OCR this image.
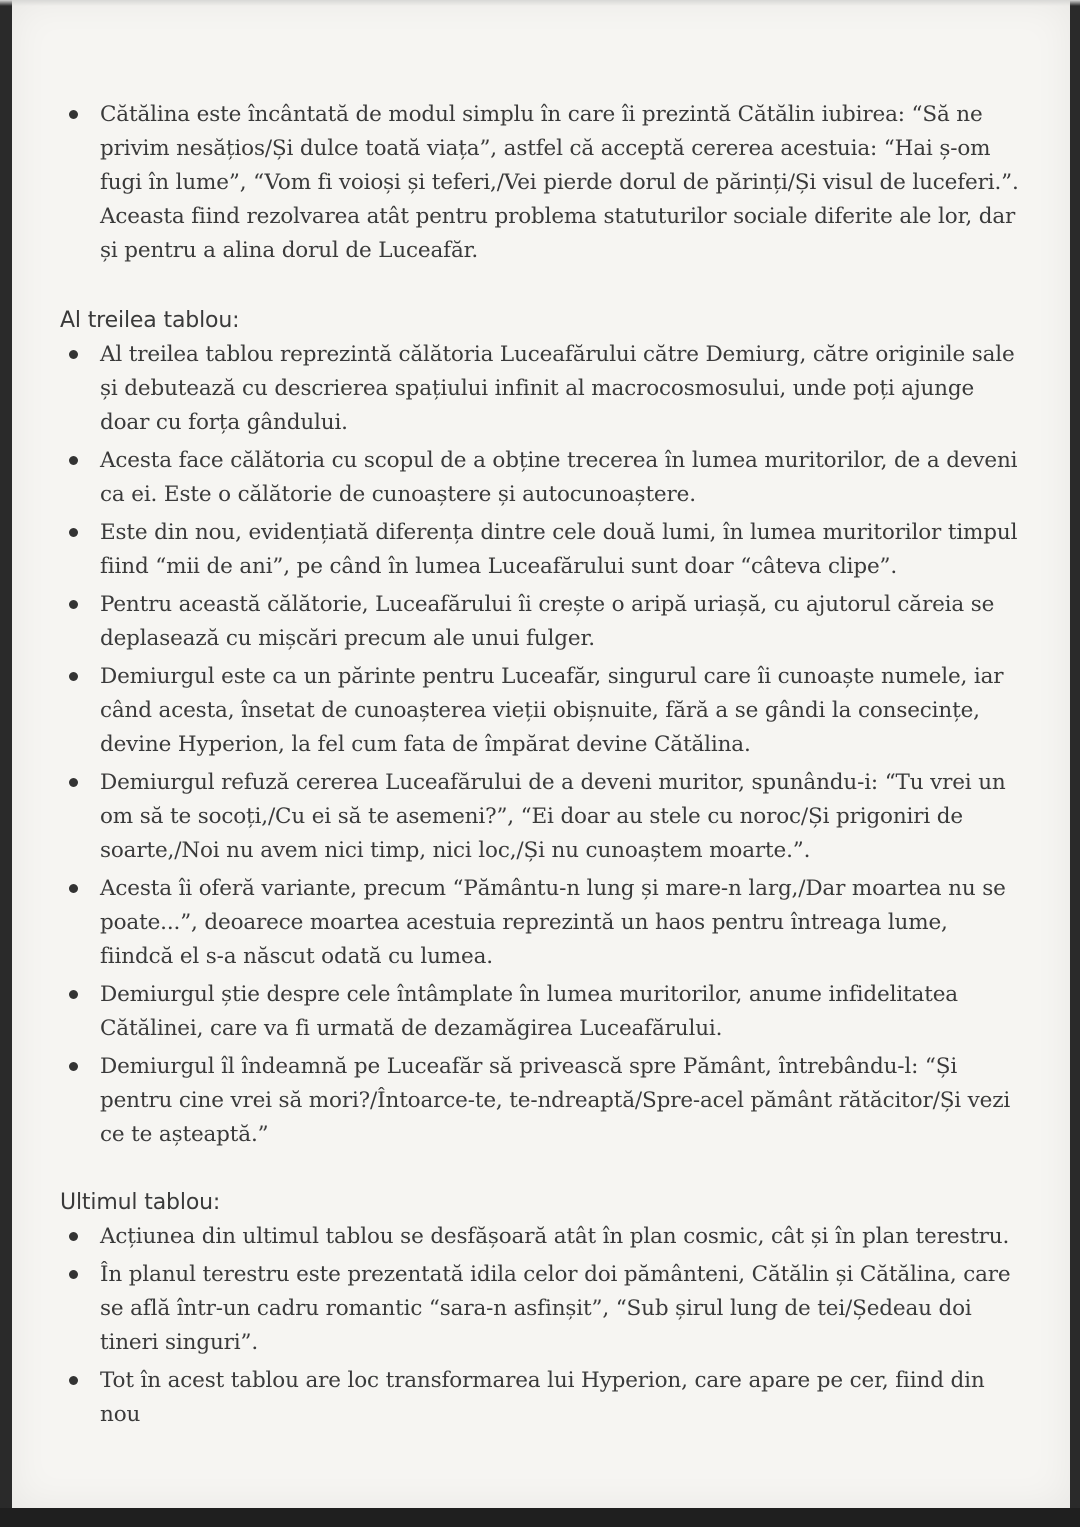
Cătălina este încântată de modul simplu în care îi prezintă Cătălin iubirea: “Să ne privim nesățios/Și dulce toată viața”, astfel că acceptă cererea acestuia: “Hai ș-om fugi în lume”, “Vom fi voioși și teferi,/Vei pierde dorul de părinți/Și visul de luceferi.”. Aceasta fiind rezolvarea atât pentru problema statuturilor sociale diferite ale lor, dar și pentru a alina dorul de Luceafăr.
Al treilea tablou:
Al treilea tablou reprezintă călătoria Luceafărului către Demiurg, către originile sale și debutează cu descrierea spațiului infinit al macrocosmosului, unde poți ajunge doar cu forța gândului.
Acesta face călătoria cu scopul de a obține trecerea în lumea muritorilor, de a deveni ca ei. Este o călătorie de cunoaștere și autocunoaștere.
Este din nou, evidențiată diferența dintre cele două lumi, în lumea muritorilor timpul fiind “mii de ani”, pe când în lumea Luceafărului sunt doar “câteva clipe”.
Pentru această călătorie, Luceafărului îi crește o aripă uriașă, cu ajutorul căreia se deplasează cu mișcări precum ale unui fulger.
Demiurgul este ca un părinte pentru Luceafăr, singurul care îi cunoaște numele, iar când acesta, însetat de cunoașterea vieții obișnuite, fără a se gândi la consecințe, devine Hyperion, la fel cum fata de împărat devine Cătălina.
Demiurgul refuză cererea Luceafărului de a deveni muritor, spunându-i: “Tu vrei un om să te socoți,/Cu ei să te asemeni?”, “Ei doar au stele cu noroc/Și prigoniri de soarte,/Noi nu avem nici timp, nici loc,/Și nu cunoaștem moarte.”.
Acesta îi oferă variante, precum “Pământu-n lung și mare-n larg,/Dar moartea nu se poate...”, deoarece moartea acestuia reprezintă un haos pentru întreaga lume, fiindcă el s-a născut odată cu lumea.
Demiurgul știe despre cele întâmplate în lumea muritorilor, anume infidelitatea Cătălinei, care va fi urmată de dezamăgirea Luceafărului.
Demiurgul îl îndeamnă pe Luceafăr să privească spre Pământ, întrebându-l: “Și pentru cine vrei să mori?/Întoarce-te, te-ndreaptă/Spre-acel pământ rătăcitor/Și vezi ce te așteaptă.”
Ultimul tablou:
Acțiunea din ultimul tablou se desfășoară atât în plan cosmic, cât și în plan terestru.
În planul terestru este prezentată idila celor doi pământeni, Cătălin și Cătălina, care se află într-un cadru romantic “sara-n asfinșit”, “Sub șirul lung de tei/Ședeau doi tineri singuri”.
Tot în acest tablou are loc transformarea lui Hyperion, care apare pe cer, fiind din nou
